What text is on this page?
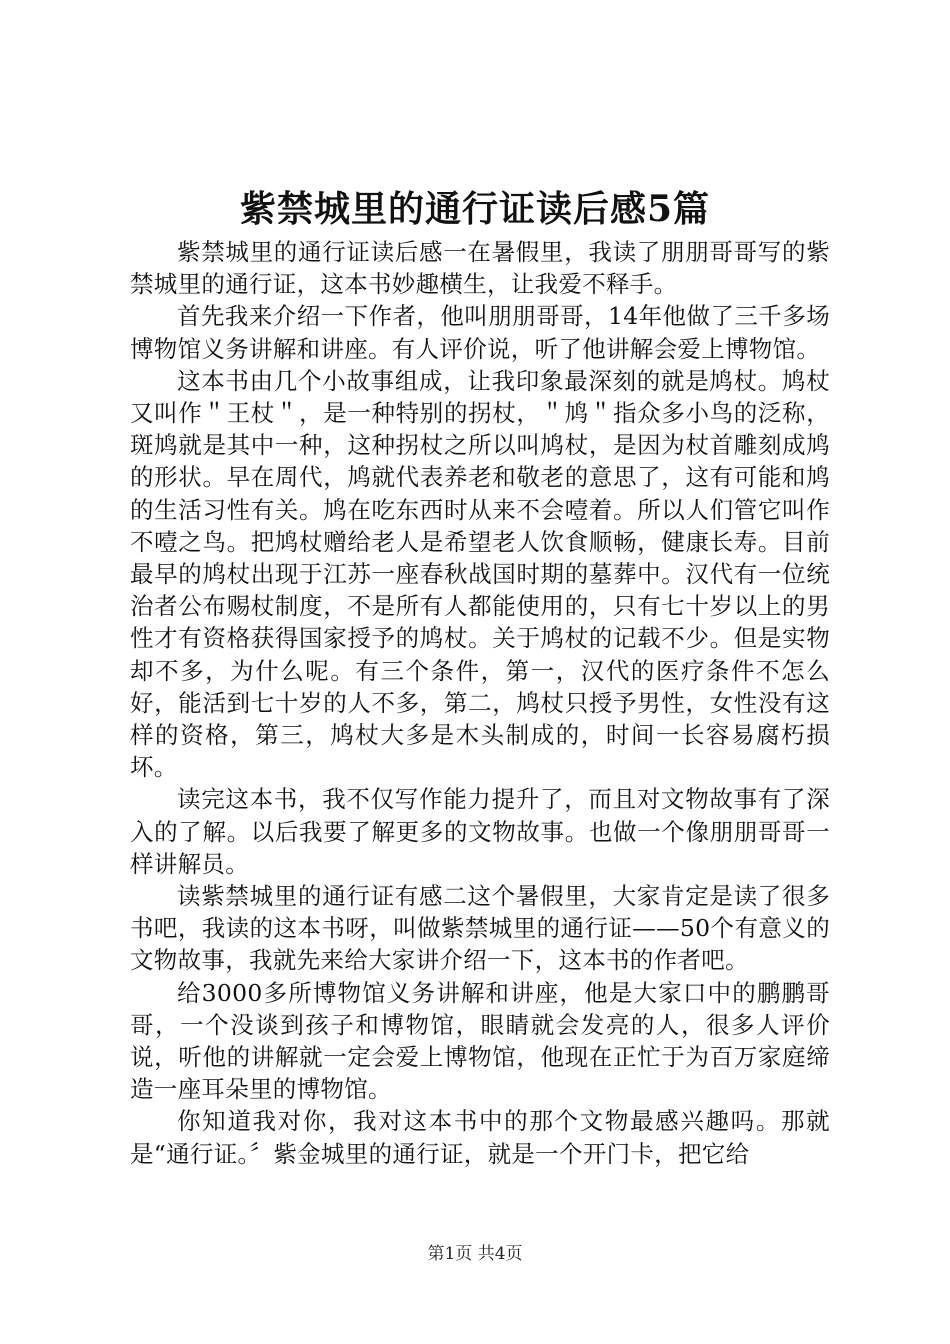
紫禁城里的通行证读后感5篇

紫禁城里的通行证读后感一在暑假里，我读了朋朋哥哥写的紫禁城里的通行证，这本书妙趣横生，让我爱不释手。

首先我来介绍一下作者，他叫朋朋哥哥，14年他做了三千多场博物馆义务讲解和讲座。有人评价说，听了他讲解会爱上博物馆。

这本书由几个小故事组成，让我印象最深刻的就是鸠杖。鸠杖又叫作＂王杖＂，是一种特别的拐杖，＂鸠＂指众多小鸟的泛称，斑鸠就是其中一种，这种拐杖之所以叫鸠杖，是因为杖首雕刻成鸠的形状。早在周代，鸠就代表养老和敬老的意思了，这有可能和鸠的生活习性有关。鸠在吃东西时从来不会噎着。所以人们管它叫作不噎之鸟。把鸠杖赠给老人是希望老人饮食顺畅，健康长寿。目前最早的鸠杖出现于江苏一座春秋战国时期的墓葬中。汉代有一位统治者公布赐杖制度，不是所有人都能使用的，只有七十岁以上的男性才有资格获得国家授予的鸠杖。关于鸠杖的记载不少。但是实物却不多，为什么呢。有三个条件，第一，汉代的医疗条件不怎么好，能活到七十岁的人不多，第二，鸠杖只授予男性，女性没有这样的资格，第三，鸠杖大多是木头制成的，时间一长容易腐朽损坏。

读完这本书，我不仅写作能力提升了，而且对文物故事有了深入的了解。以后我要了解更多的文物故事。也做一个像朋朋哥哥一样讲解员。

读紫禁城里的通行证有感二这个暑假里，大家肯定是读了很多书吧，我读的这本书呀，叫做紫禁城里的通行证——50个有意义的文物故事，我就先来给大家讲介绍一下，这本书的作者吧。

给3000多所博物馆义务讲解和讲座，他是大家口中的鹏鹏哥哥，一个没谈到孩子和博物馆，眼睛就会发亮的人，很多人评价说，听他的讲解就一定会爱上博物馆，他现在正忙于为百万家庭缔造一座耳朵里的博物馆。

你知道我对你，我对这本书中的那个文物最感兴趣吗。那就是“通行证。〞紫金城里的通行证，就是一个开门卡，把它给

第1页 共4页
